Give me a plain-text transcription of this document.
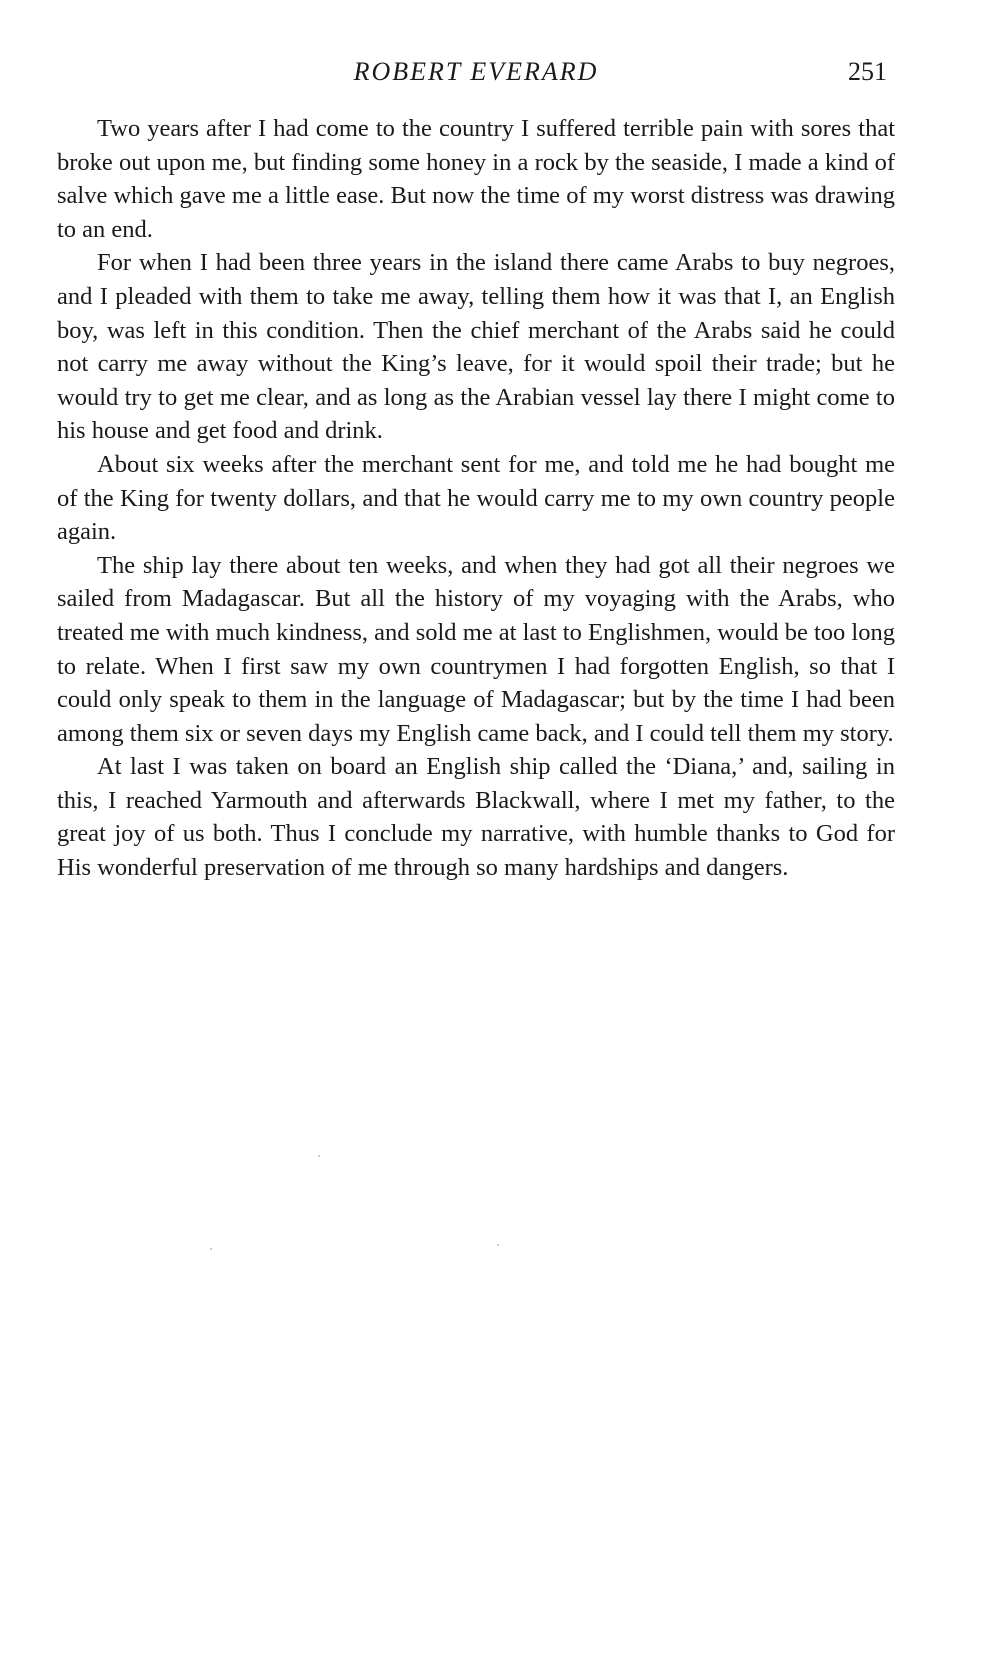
ROBERT EVERARD	251

Two years after I had come to the country I suffered terrible pain with sores that broke out upon me, but finding some honey in a rock by the seaside, I made a kind of salve which gave me a little ease. But now the time of my worst distress was drawing to an end.

For when I had been three years in the island there came Arabs to buy negroes, and I pleaded with them to take me away, telling them how it was that I, an English boy, was left in this condition. Then the chief merchant of the Arabs said he could not carry me away without the King’s leave, for it would spoil their trade; but he would try to get me clear, and as long as the Arabian vessel lay there I might come to his house and get food and drink.

About six weeks after the merchant sent for me, and told me he had bought me of the King for twenty dollars, and that he would carry me to my own country people again.

The ship lay there about ten weeks, and when they had got all their negroes we sailed from Madagascar. But all the history of my voyaging with the Arabs, who treated me with much kindness, and sold me at last to Englishmen, would be too long to relate. When I first saw my own countrymen I had forgotten English, so that I could only speak to them in the language of Madagascar; but by the time I had been among them six or seven days my English came back, and I could tell them my story.

At last I was taken on board an English ship called the ‘Diana,’ and, sailing in this, I reached Yarmouth and afterwards Blackwall, where I met my father, to the great joy of us both. Thus I conclude my narrative, with humble thanks to God for His wonderful preservation of me through so many hardships and dangers.
